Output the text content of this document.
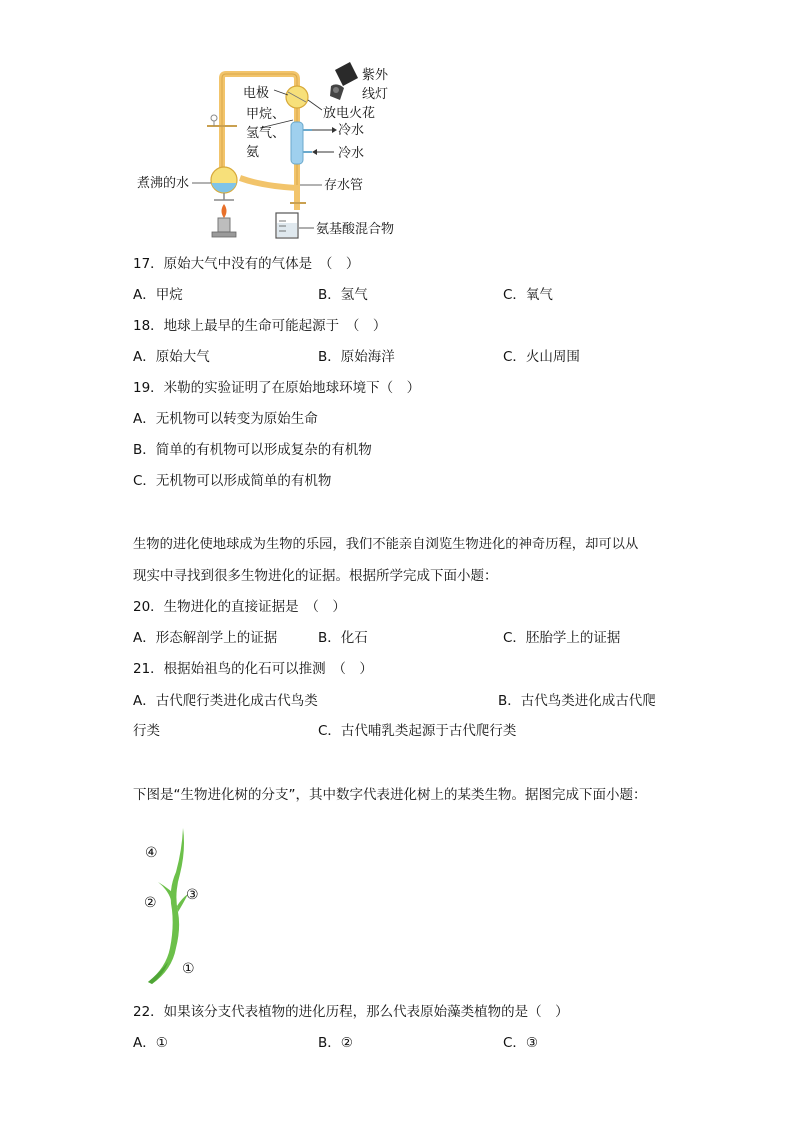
紫外
线灯
电极
放电火花
甲烷、
氢气、
氨
冷水
冷水
煮沸的水	存水管
氨基酸混合物
17．原始大气中没有的气体是　（　）
A．甲烷	B．氢气	C．氧气
18．地球上最早的生命可能起源于　（　）
A．原始大气	B．原始海洋	C．火山周围
19．米勒的实验证明了在原始地球环境下（　）
A．无机物可以转变为原始生命
B．简单的有机物可以形成复杂的有机物
C．无机物可以形成简单的有机物
生物的进化使地球成为生物的乐园，我们不能亲自浏览生物进化的神奇历程，却可以从
现实中寻找到很多生物进化的证据。根据所学完成下面小题：
20．生物进化的直接证据是　（　）
A．形态解剖学上的证据	B．化石	C．胚胎学上的证据
21．根据始祖鸟的化石可以推测　（　）
A．古代爬行类进化成古代鸟类	B．古代鸟类进化成古代爬
行类	C．古代哺乳类起源于古代爬行类
下图是“生物进化树的分支”，其中数字代表进化树上的某类生物。据图完成下面小题：
④
② ③
①
22．如果该分支代表植物的进化历程，那么代表原始藻类植物的是（　）
A．①	B．②	C．③
